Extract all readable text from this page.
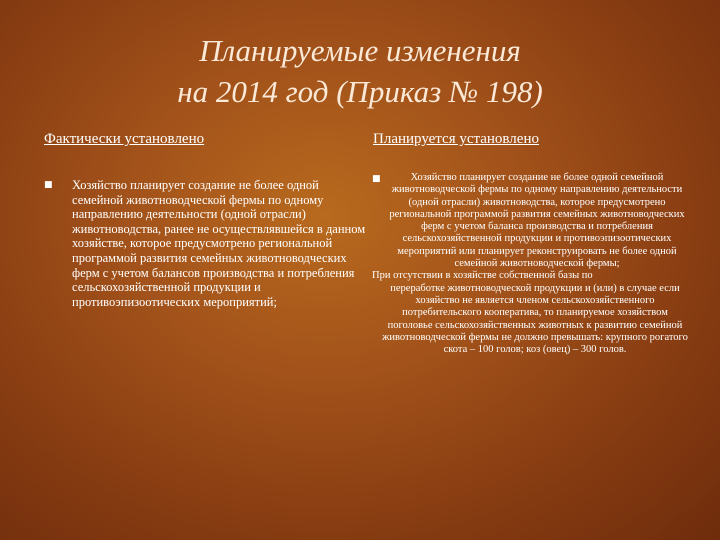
Планируемые изменения
на 2014 год (Приказ № 198)
Фактически установлено	Планируется установлено
■ Хозяйство планирует создание не более одной семейной животноводческой фермы по одному направлению деятельности (одной отрасли) животноводства, ранее не осуществлявшейся в данном хозяйстве, которое предусмотрено региональной программой развития семейных животноводческих ферм с учетом балансов производства и потребления сельскохозяйственной продукции и противоэпизоотических мероприятий;
■	Хозяйство планирует создание не более одной семейной животноводческой фермы по одному направлению деятельности (одной отрасли) животноводства, которое предусмотрено региональной программой развития семейных животноводческих ферм с учетом баланса производства и потребления сельскохозяйственной продукции и противоэпизоотических мероприятий или планирует реконструировать не более одной семейной животноводческой фермы;

При отсутствии в хозяйстве собственной базы по
переработке животноводческой продукции и (или) в случае если хозяйство не является членом сельскохозяйственного потребительского кооператива, то планируемое хозяйством поголовье сельскохозяйственных животных к развитию семейной животноводческой фермы не должно превышать: крупного рогатого скота – 100 голов; коз (овец) – 300 голов.
